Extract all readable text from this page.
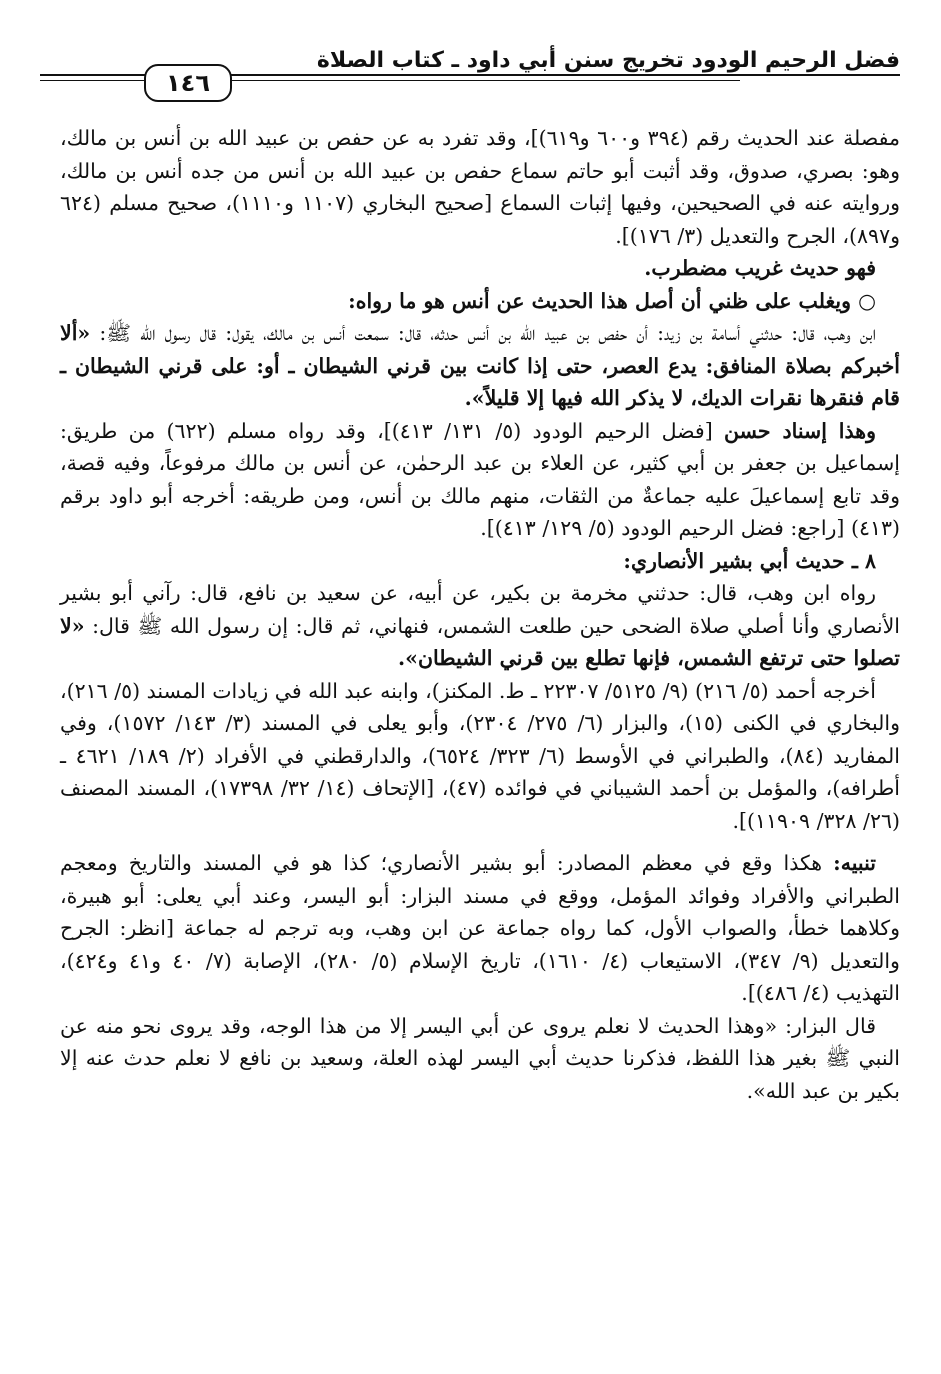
فضل الرحيم الودود تخريج سنن أبي داود ـ كتاب الصلاة
١٤٦

مفصلة عند الحديث رقم (٣٩٤ و٦٠٠ و٦١٩)]، وقد تفرد به عن حفص بن عبيد الله بن أنس بن مالك، وهو: بصري، صدوق، وقد أثبت أبو حاتم سماع حفص بن عبيد الله بن أنس من جده أنس بن مالك، وروايته عنه في الصحيحين، وفيها إثبات السماع [صحيح البخاري (١١٠٧ و١١١٠)، صحيح مسلم (٦٢٤ و٨٩٧)، الجرح والتعديل (٣/ ١٧٦)].

فهو حديث غريب مضطرب.

○ ويغلب على ظني أن أصل هذا الحديث عن أنس هو ما رواه:

ابن وهب، قال: حدثني أسامة بن زيد: أن حفص بن عبيد الله بن أنس حدثه، قال: سمعت أنس بن مالك، يقول: قال رسول الله ﷺ: «ألا أخبركم بصلاة المنافق: يدع العصر، حتى إذا كانت بين قرني الشيطان ـ أو: على قرني الشيطان ـ قام فنقرها نقرات الديك، لا يذكر الله فيها إلا قليلاً».

وهذا إسناد حسن [فضل الرحيم الودود (٥/ ١٣١/ ٤١٣)]، وقد رواه مسلم (٦٢٢) من طريق: إسماعيل بن جعفر بن أبي كثير، عن العلاء بن عبد الرحمٰن، عن أنس بن مالك مرفوعاً، وفيه قصة، وقد تابع إسماعيلَ عليه جماعةٌ من الثقات، منهم مالك بن أنس، ومن طريقه: أخرجه أبو داود برقم (٤١٣) [راجع: فضل الرحيم الودود (٥/ ١٢٩/ ٤١٣)].

٨ ـ حديث أبي بشير الأنصاري:

رواه ابن وهب، قال: حدثني مخرمة بن بكير، عن أبيه، عن سعيد بن نافع، قال: رآني أبو بشير الأنصاري وأنا أصلي صلاة الضحى حين طلعت الشمس، فنهاني، ثم قال: إن رسول الله ﷺ قال: «لا تصلوا حتى ترتفع الشمس، فإنها تطلع بين قرني الشيطان».

أخرجه أحمد (٥/ ٢١٦) (٩/ ٥١٢٥/ ٢٢٣٠٧ ـ ط. المكنز)، وابنه عبد الله في زيادات المسند (٥/ ٢١٦)، والبخاري في الكنى (١٥)، والبزار (٦/ ٢٧٥/ ٢٣٠٤)، وأبو يعلى في المسند (٣/ ١٤٣/ ١٥٧٢)، وفي المفاريد (٨٤)، والطبراني في الأوسط (٦/ ٣٢٣/ ٦٥٢٤)، والدارقطني في الأفراد (٢/ ١٨٩/ ٤٦٢١ ـ أطرافه)، والمؤمل بن أحمد الشيباني في فوائده (٤٧)، [الإتحاف (١٤/ ٣٢/ ١٧٣٩٨)، المسند المصنف (٢٦/ ٣٢٨/ ١١٩٠٩)].

تنبيه: هكذا وقع في معظم المصادر: أبو بشير الأنصاري؛ كذا هو في المسند والتاريخ ومعجم الطبراني والأفراد وفوائد المؤمل، ووقع في مسند البزار: أبو اليسر، وعند أبي يعلى: أبو هبيرة، وكلاهما خطأ، والصواب الأول، كما رواه جماعة عن ابن وهب، وبه ترجم له جماعة [انظر: الجرح والتعديل (٩/ ٣٤٧)، الاستيعاب (٤/ ١٦١٠)، تاريخ الإسلام (٥/ ٢٨٠)، الإصابة (٧/ ٤٠ و٤١ و٤٢٤)، التهذيب (٤/ ٤٨٦)].

قال البزار: «وهذا الحديث لا نعلم يروى عن أبي اليسر إلا من هذا الوجه، وقد يروى نحو منه عن النبي ﷺ بغير هذا اللفظ، فذكرنا حديث أبي اليسر لهذه العلة، وسعيد بن نافع لا نعلم حدث عنه إلا بكير بن عبد الله».
